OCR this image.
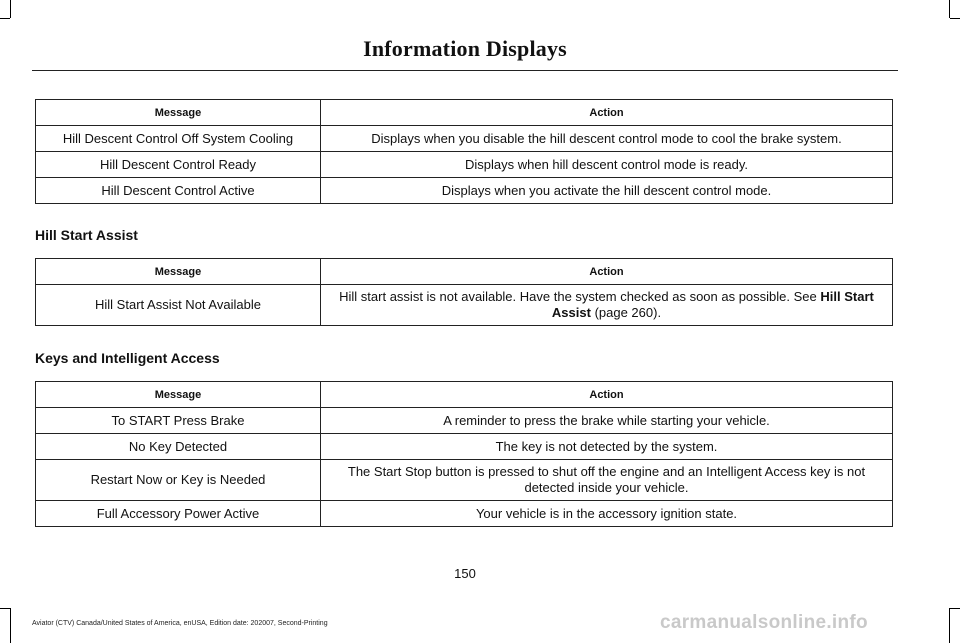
Information Displays
Message	Action
Hill Descent Control Off System Cooling	Displays when you disable the hill descent control mode to cool the brake system.
Hill Descent Control Ready	Displays when hill descent control mode is ready.
Hill Descent Control Active	Displays when you activate the hill descent control mode.
Hill Start Assist
Message	Action
Hill Start Assist Not Available	Hill start assist is not available. Have the system checked as soon as possible. See Hill Start Assist (page 260).
Keys and Intelligent Access
Message	Action
To START Press Brake	A reminder to press the brake while starting your vehicle.
No Key Detected	The key is not detected by the system.
Restart Now or Key is Needed	The Start Stop button is pressed to shut off the engine and an Intelligent Access key is not detected inside your vehicle.
Full Accessory Power Active	Your vehicle is in the accessory ignition state.
150
Aviator (CTV) Canada/United States of America, enUSA, Edition date: 202007, Second-Printing	carmanualsonline.info
